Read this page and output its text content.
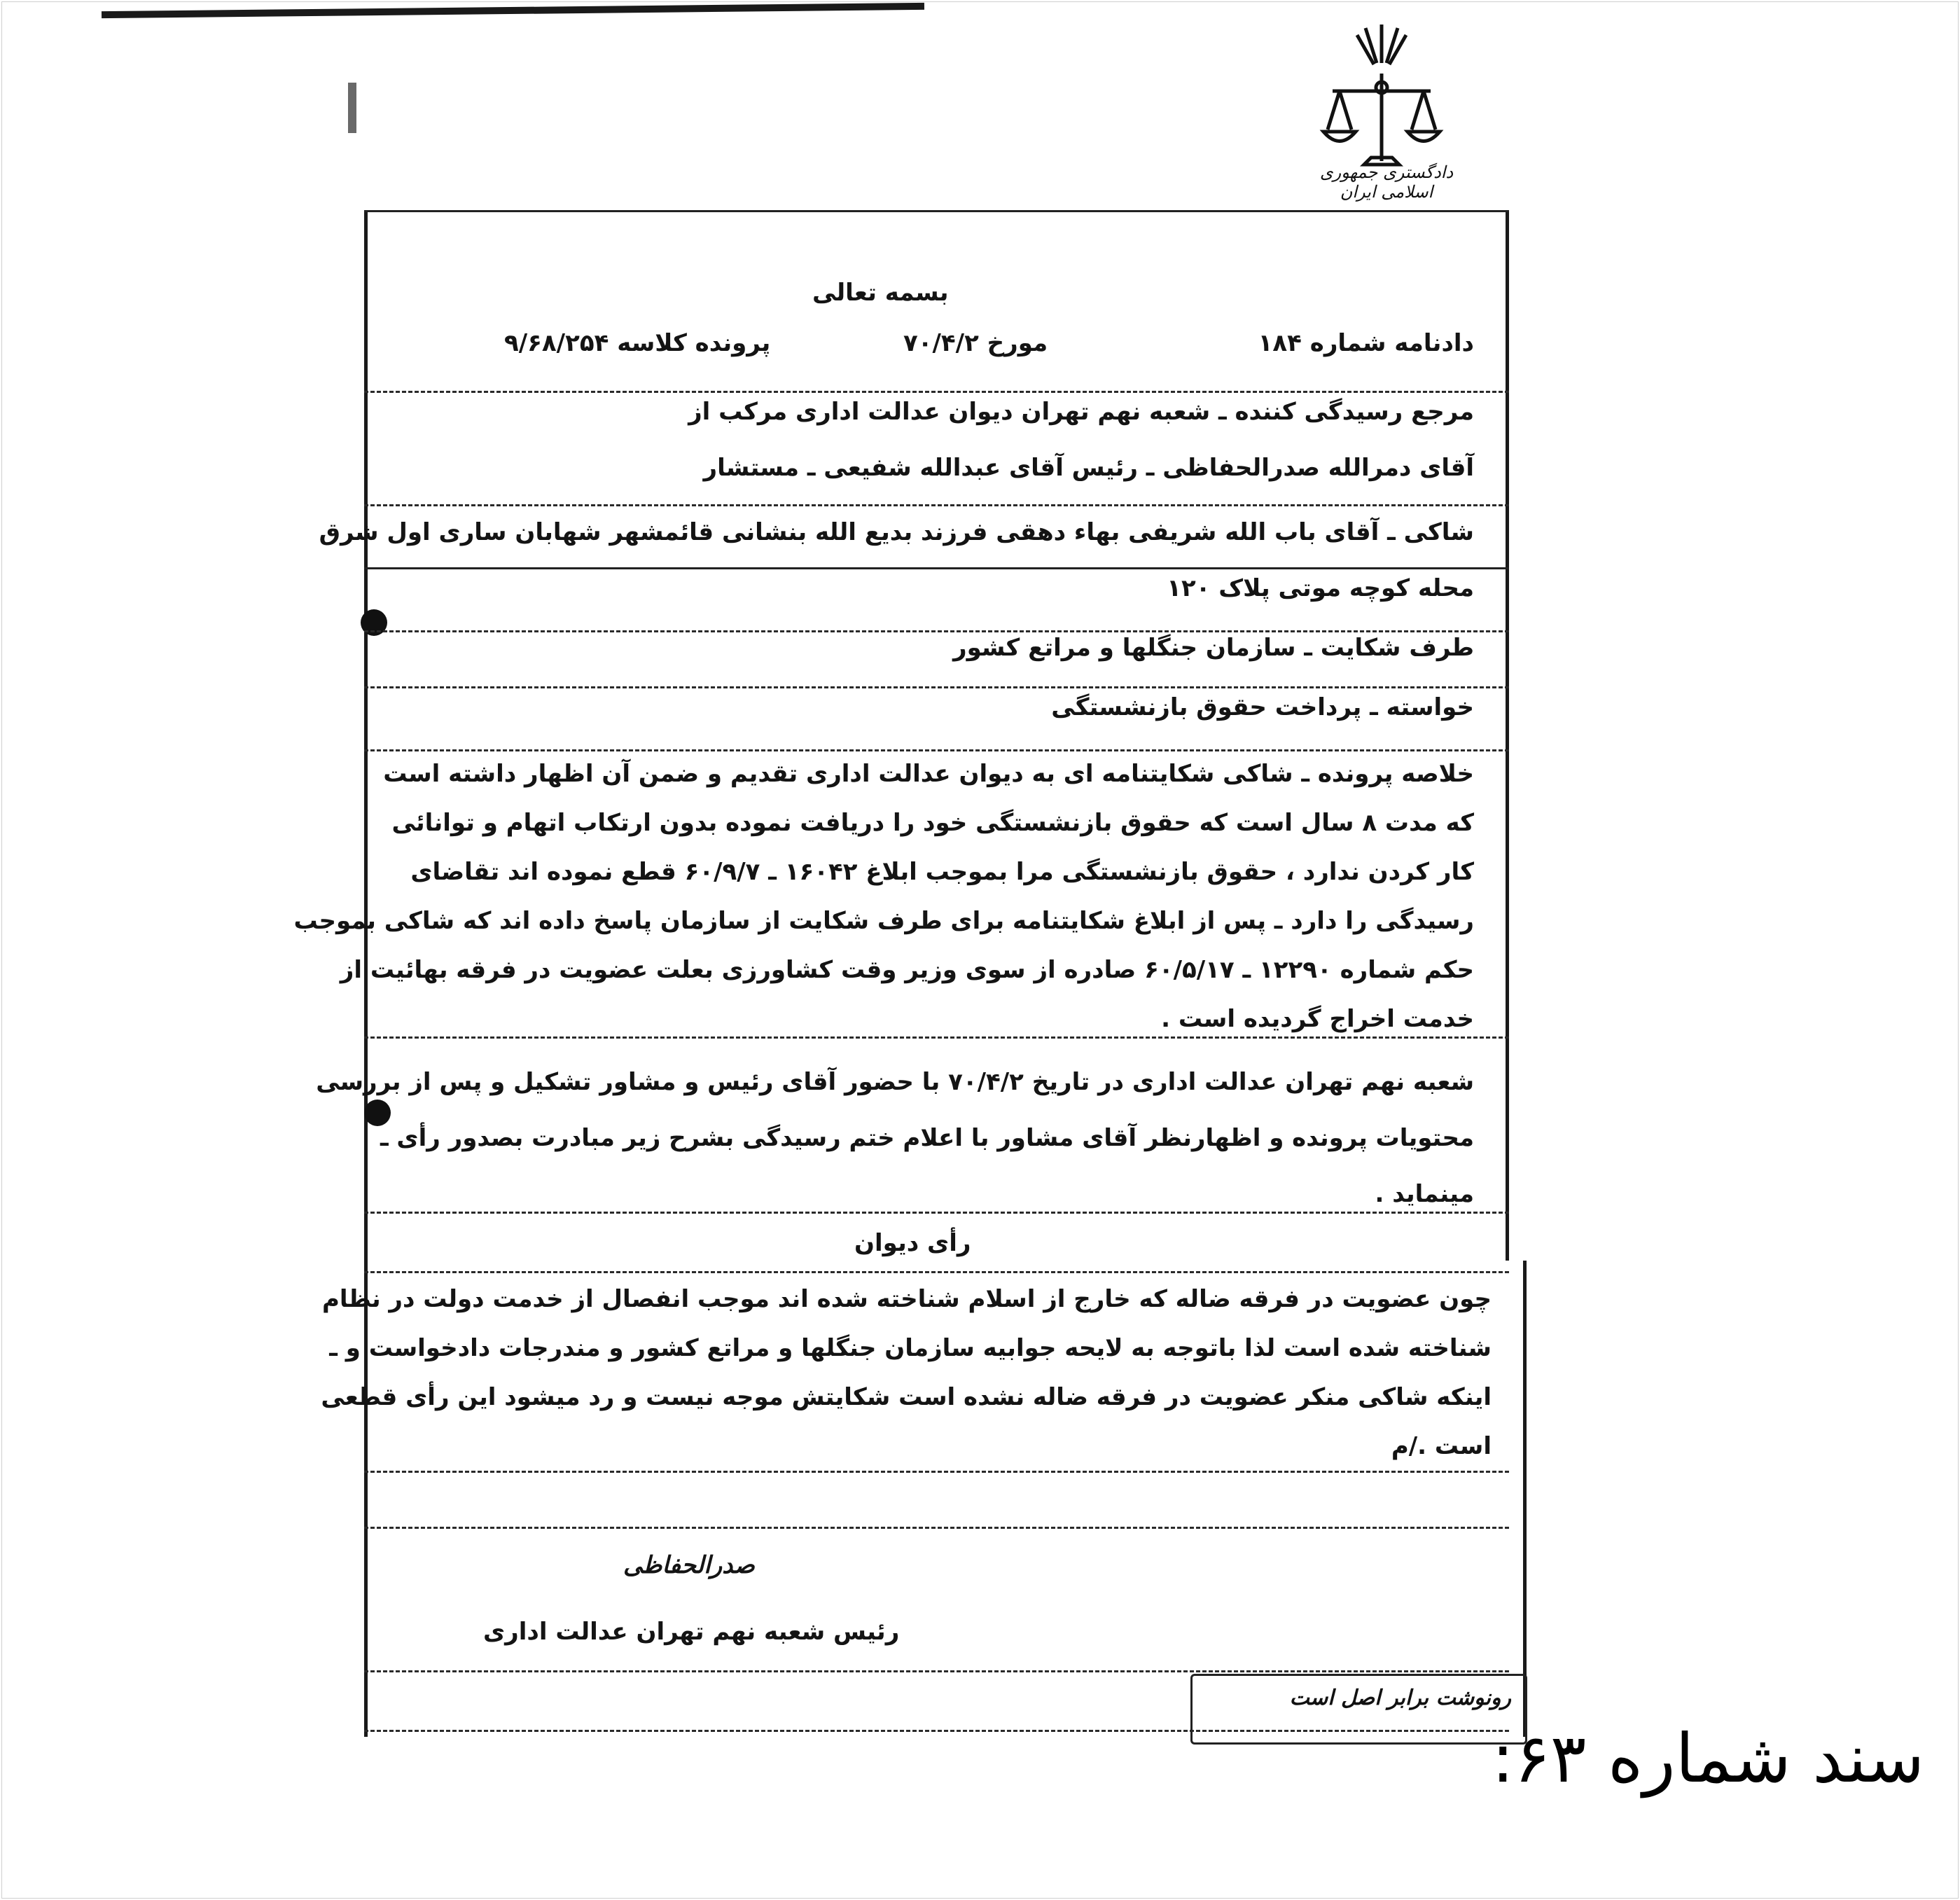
دادگستری جمهوری اسلامی ایران
بسمه تعالی
دادنامه شماره ۱۸۴
مورخ ۷۰/۴/۲
پرونده کلاسه ۹/۶۸/۲۵۴
مرجع رسیدگی کننده ـ شعبه نهم تهران دیوان عدالت اداری مرکب از
آقای دمرالله صدرالحفاظی ـ رئیس آقای عبدالله شفیعی ـ مستشار
شاکی ـ آقای باب الله شریفی بهاء دهقی فرزند بدیع الله بنشانی قائمشهر شهابان ساری اول شرق
محله کوچه موتی پلاک ۱۲۰
طرف شکایت ـ سازمان جنگلها و مراتع کشور
خواسته ـ پرداخت حقوق بازنشستگی
خلاصه پرونده ـ شاکی شکایتنامه ای به دیوان عدالت اداری تقدیم و ضمن آن اظهار داشته است
که مدت ۸ سال است که حقوق بازنشستگی خود را دریافت نموده بدون ارتکاب اتهام و توانائی
کار کردن ندارد ، حقوق بازنشستگی مرا بموجب ابلاغ ۱۶۰۴۲ ـ ۶۰/۹/۷ قطع نموده اند تقاضای
رسیدگی را دارد ـ پس از ابلاغ شکایتنامه برای طرف شکایت از سازمان پاسخ داده اند که شاکی بموجب
حکم شماره ۱۲۲۹۰ ـ ۶۰/۵/۱۷ صادره از سوی وزیر وقت کشاورزی بعلت عضویت در فرقه بهائیت از
خدمت اخراج گردیده است .
شعبه نهم تهران عدالت اداری در تاریخ ۷۰/۴/۲ با حضور آقای رئیس و مشاور تشکیل و پس از بررسی
محتویات پرونده و اظهارنظر آقای مشاور با اعلام ختم رسیدگی بشرح زیر مبادرت بصدور رأی ـ
مینماید .
رأی دیوان
چون عضویت در فرقه ضاله که خارج از اسلام شناخته شده اند موجب انفصال از خدمت دولت در نظام
شناخته شده است لذا باتوجه به لایحه جوابیه سازمان جنگلها و مراتع کشور و مندرجات دادخواست و ـ
اینکه شاکی منکر عضویت در فرقه ضاله نشده است شکایتش موجه نیست و رد میشود این رأی قطعی
است ./م
صدرالحفاظی
رئیس شعبه نهم تهران عدالت اداری
رونوشت برابر اصل است
سند شماره ۶۳:
